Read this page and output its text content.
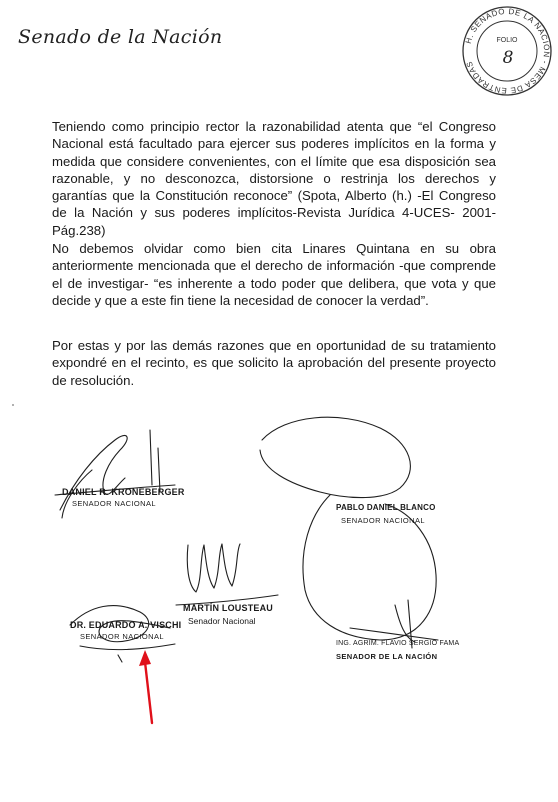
Senado de la Nación	H. SENADO DE LA NACIÓN - MESA DE ENTRADAS
FOLIO
8

Teniendo como principio rector la razonabilidad atenta que “el Congreso Nacional está facultado para ejercer sus poderes implícitos en la forma y medida que considere convenientes, con el límite que esa disposición sea razonable, y no desconozca, distorsione o restrinja los derechos y garantías que la Constitución reconoce” (Spota, Alberto (h.) -El Congreso de la Nación y sus poderes implícitos-Revista Jurídica 4-UCES- 2001- Pág.238)

No debemos olvidar como bien cita Linares Quintana en su obra anteriormente mencionada que el derecho de información -que comprende el de investigar- “es inherente a todo poder que delibera, que vota y que decide y que a este fin tiene la necesidad de conocer la verdad”.

Por estas y por las demás razones que en oportunidad de su tratamiento expondré en el recinto, es que solicito la aprobación del presente proyecto de resolución.

DANIEL R. KRONEBERGER
SENADOR NACIONAL	PABLO DANIEL BLANCO
SENADOR NACIONAL
MARTÍN LOUSTEAU
Senador Nacional
DR. EDUARDO A. VISCHI
SENADOR NACIONAL
ING. AGRIM. FLAVIO SERGIO FAMA
SENADOR DE LA NACIÓN
